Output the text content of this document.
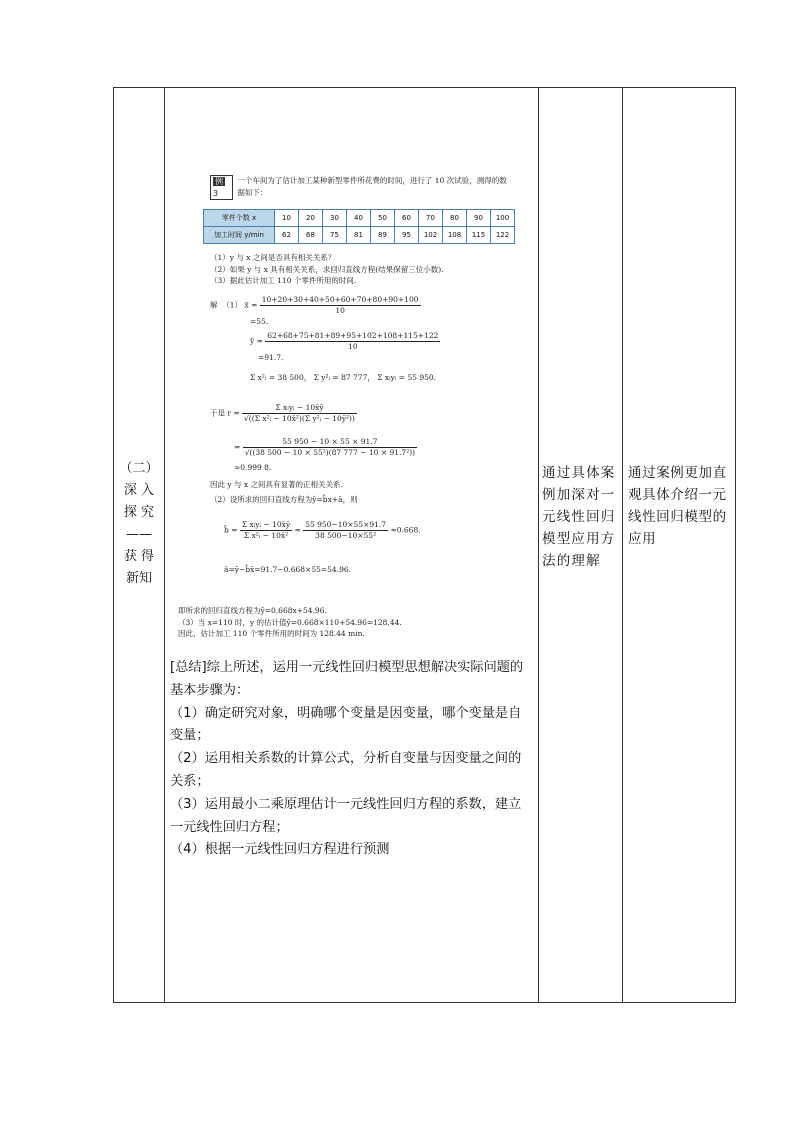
（二）
深 入
探 究
——
获 得
新知
通过具体案例加深对一元线性回归模型应用方法的理解
通过案例更加直观具体介绍一元线性回归模型的应用
例3
一个车间为了估计加工某种新型零件所花费的时间，进行了 10 次试验，测得的数据如下：
零件个数 x	10	20	30	40	50	60	70	80	90	100
加工时间 y/min	62	68	75	81	89	95	102	108	115	122
（1）y 与 x 之间是否具有相关关系？
（2）如果 y 与 x 具有相关关系，求回归直线方程(结果保留三位小数).
（3）据此估计加工 110 个零件所用的时间.
解 （1） x̄ = $\frac{10+20+30+40+50+60+70+80+90+100}{10}$
=55.
ȳ = $\frac{62+68+75+81+89+95+102+108+115+122}{10}$
=91.7.
Σ x²ᵢ = 38 500， Σ y²ᵢ = 87 777， Σ xᵢyᵢ = 55 950.
于是 $r = \frac{\text{Σ xᵢyᵢ − 10x̄ȳ}}{\text{√((Σ x²ᵢ − 10x̄²)(Σ y²ᵢ − 10ȳ²))}}$
= $\frac{55 950 - 10 \times 55 \times 91.7}{\text{√((38 500 − 10 × 55²)(87 777 − 10 × 91.7²))}}$
≈0.999 8.
因此 y 与 x 之间具有显著的正相关关系.
（2）设所求的回归直线方程为ŷ=b̂x+â，则
b̂ = $\frac{\text{Σ xᵢyᵢ − 10x̄ȳ}}{\text{Σ x²ᵢ − 10x̄²}} = \frac{55 950-10\times 55\times 91.7}{\text{38 500−10×55²}} \approx 0.668$.
â=ȳ−b̂x̄=91.7−0.668×55=54.96.
即所求的回归直线方程为ŷ=0.668x+54.96.
（3）当 x=110 时，y 的估计值ŷ=0.668×110+54.96=128.44.
因此，估计加工 110 个零件所用的时间为 128.44 min.

[总结]综上所述，运用一元线性回归模型思想解决实际问题的基本步骤为：

（1）确定研究对象，明确哪个变量是因变量，哪个变量是自变量；

（2）运用相关系数的计算公式，分析自变量与因变量之间的关系；

（3）运用最小二乘原理估计一元线性回归方程的系数，建立一元线性回归方程；

（4）根据一元线性回归方程进行预测
